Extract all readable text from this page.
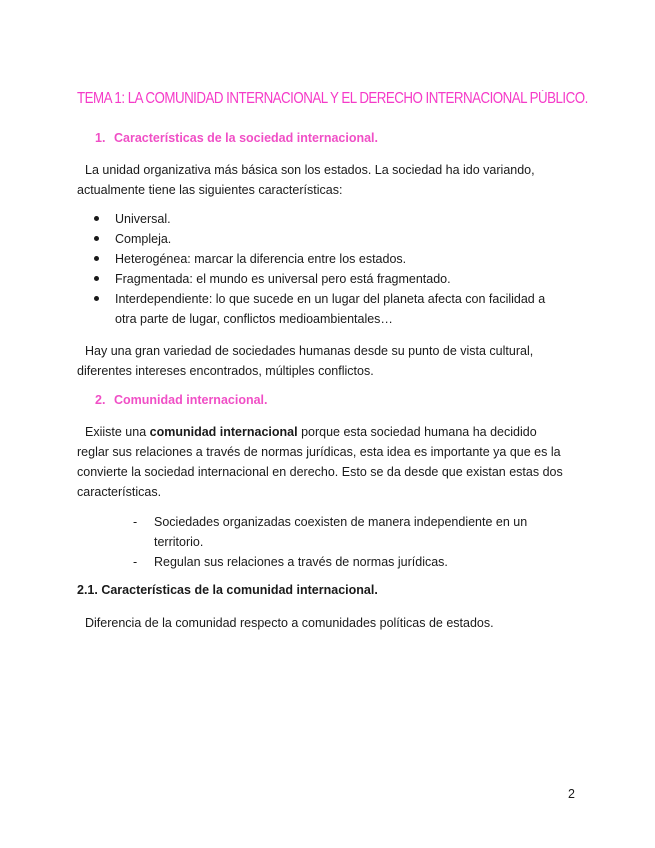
TEMA 1: LA COMUNIDAD INTERNACIONAL Y EL DERECHO INTERNACIONAL PÚBLICO.
1. Características de la sociedad internacional.

La unidad organizativa más básica son los estados. La sociedad ha ido variando, actualmente tiene las siguientes características:

Universal.
Compleja.
Heterogénea: marcar la diferencia entre los estados.
Fragmentada: el mundo es universal pero está fragmentado.
Interdependiente: lo que sucede en un lugar del planeta afecta con facilidad a otra parte de lugar, conflictos medioambientales…

Hay una gran variedad de sociedades humanas desde su punto de vista cultural, diferentes intereses encontrados, múltiples conflictos.

2. Comunidad internacional.

Exiiste una comunidad internacional porque esta sociedad humana ha decidido reglar sus relaciones a través de normas jurídicas, esta idea es importante ya que es la convierte la sociedad internacional en derecho. Esto se da desde que existan estas dos características.

- Sociedades organizadas coexisten de manera independiente en un territorio.
- Regulan sus relaciones a través de normas jurídicas.
2.1. Características de la comunidad internacional.

Diferencia de la comunidad respecto a comunidades políticas de estados.

2
